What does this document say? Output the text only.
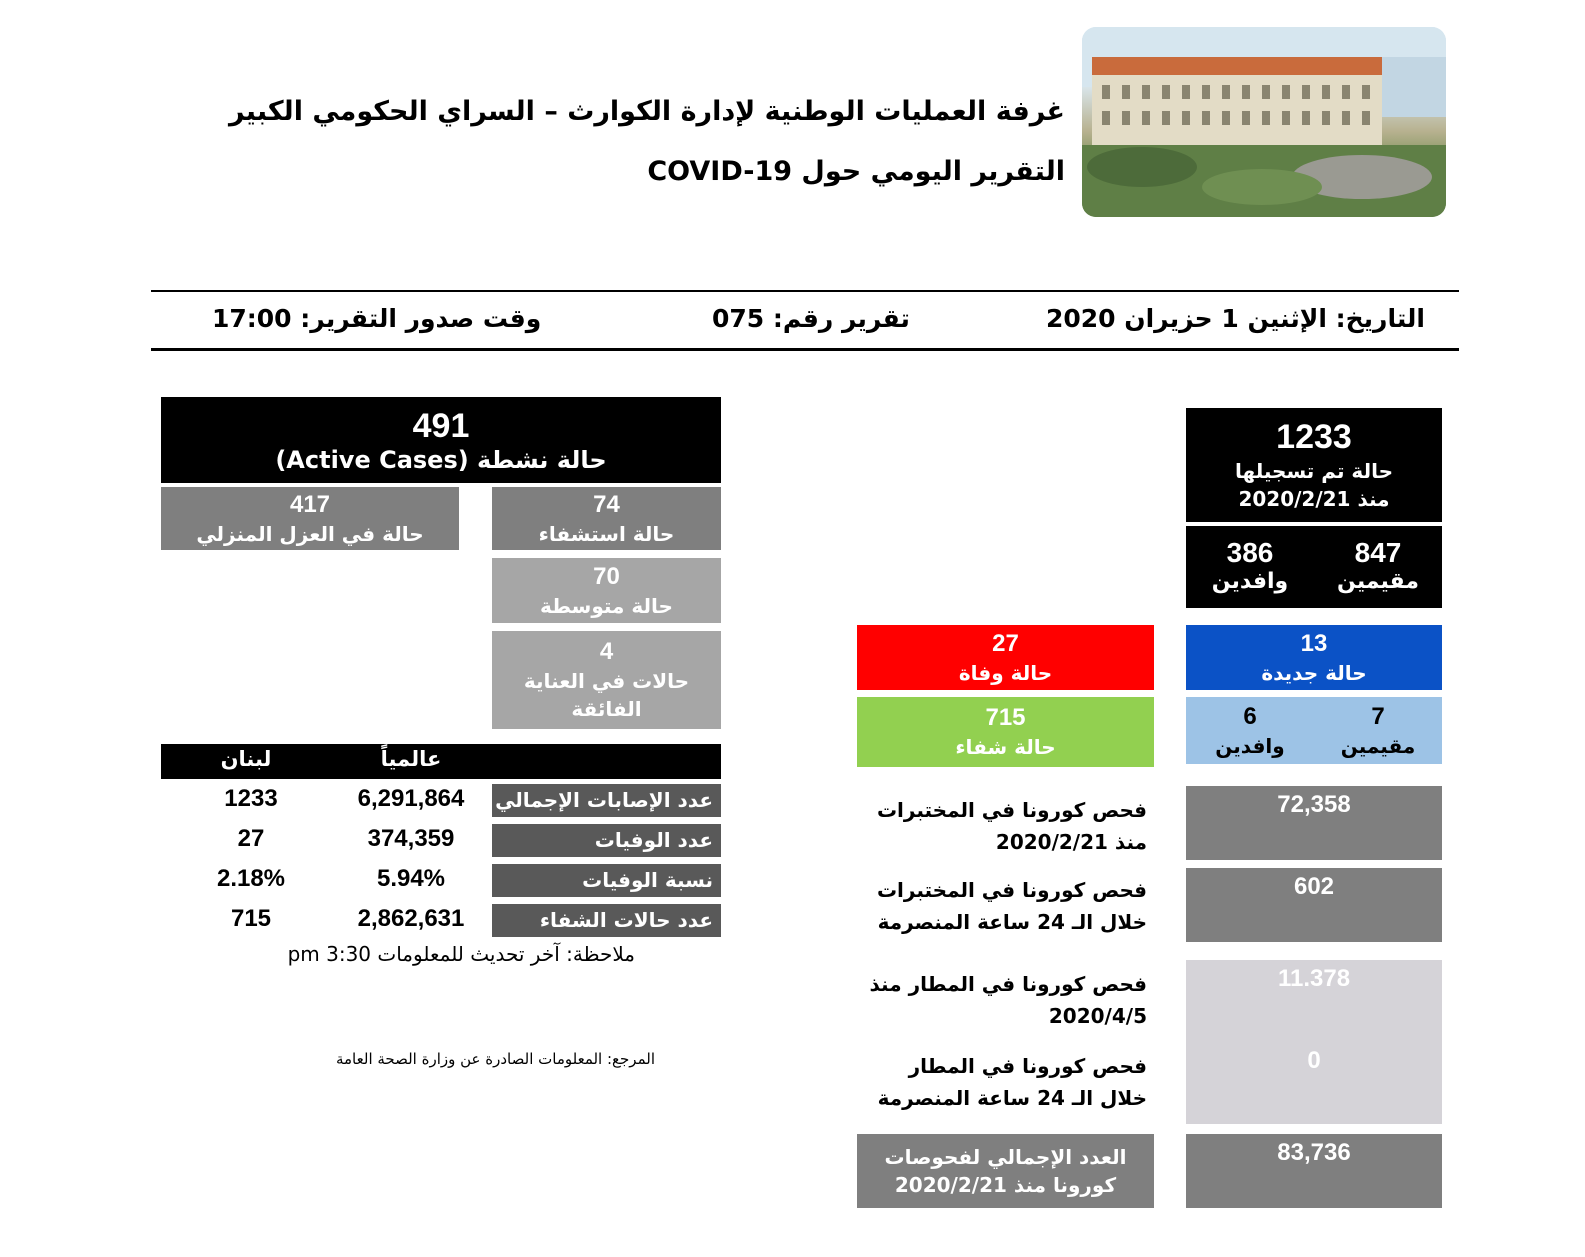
غرفة العمليات الوطنية لإدارة الكوارث – السراي الحكومي الكبير
التقرير اليومي حول COVID-19
التاريخ: الإثنين 1 حزيران 2020
تقرير رقم: 075
وقت صدور التقرير: 17:00
1233
حالة تم تسجيلها
منذ 2020/2/21
847
مقيمين
386
وافدين
13
حالة جديدة
7
مقيمين
6
وافدين
27
حالة وفاة
715
حالة شفاء
491
حالة نشطة (Active Cases)
417
حالة في العزل المنزلي
74
حالة استشفاء
70
حالة متوسطة
4
حالات في العناية
الفائقة
عالمياً
لبنان
عدد الإصابات الإجمالي
6,291,864
1233
عدد الوفيات
374,359
27
نسبة الوفيات
5.94%
2.18%
عدد حالات الشفاء
2,862,631
715
ملاحظة: آخر تحديث للمعلومات 3:30 pm
المرجع: المعلومات الصادرة عن وزارة الصحة العامة
فحص كورونا في المختبرات
منذ 2020/2/21
72,358
فحص كورونا في المختبرات
خلال الـ 24 ساعة المنصرمة
602
فحص كورونا في المطار منذ
2020/4/5
11.378
فحص كورونا في المطار
خلال الـ 24 ساعة المنصرمة
0
العدد الإجمالي لفحوصات
كورونا منذ 2020/2/21
83,736
